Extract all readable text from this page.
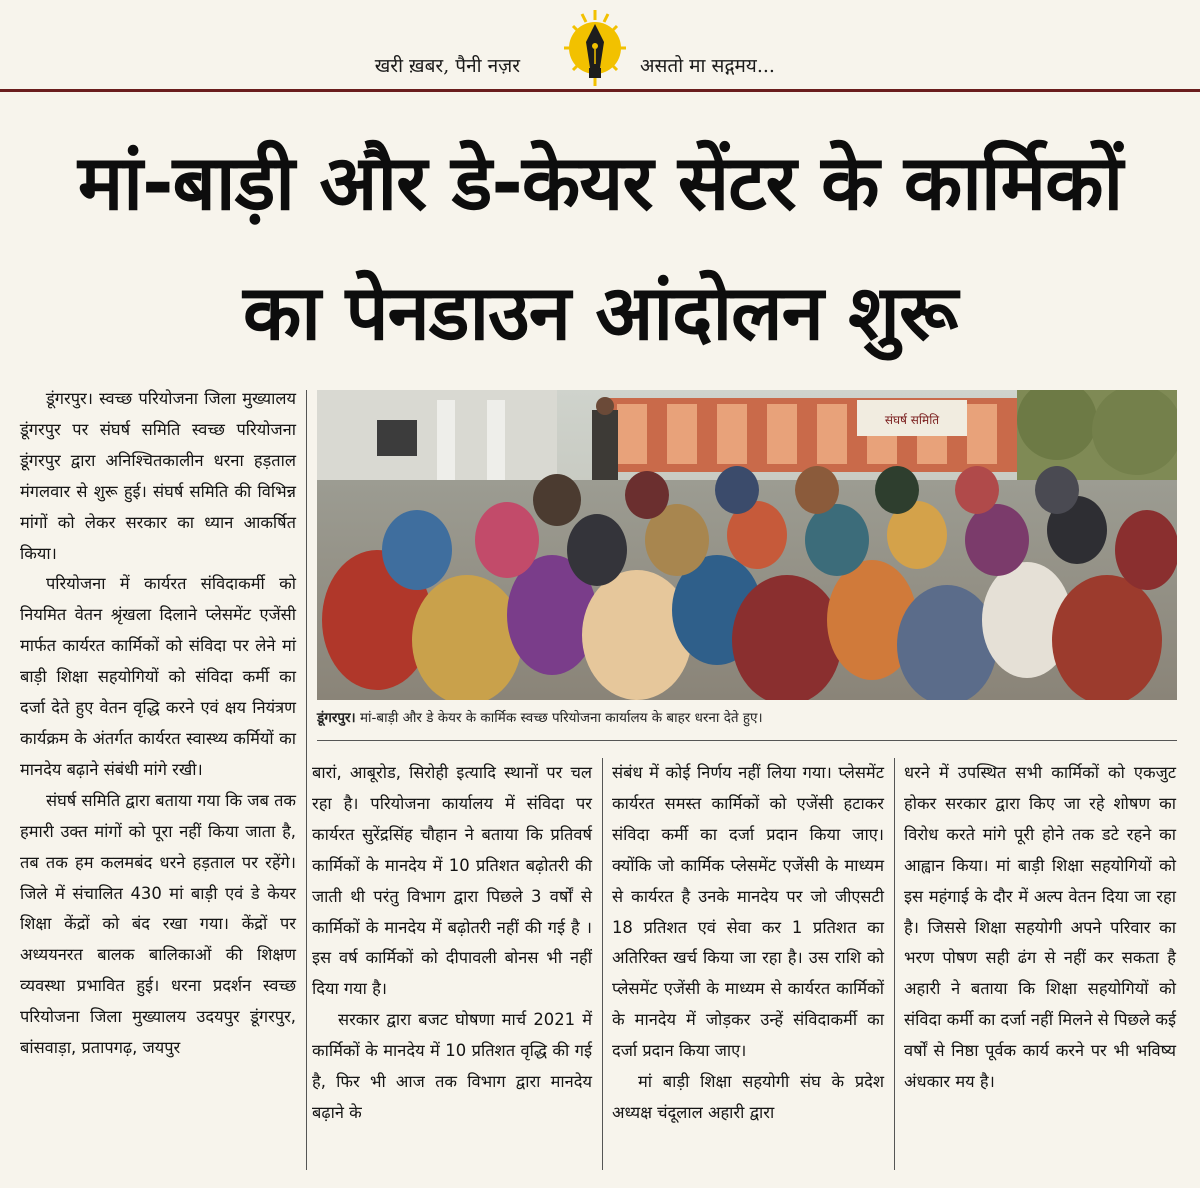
खरी ख़बर, पैनी नज़र	असतो मा सद्गमय...
मां-बाड़ी और डे-केयर सेंटर के कार्मिकों
का पेनडाउन आंदोलन शुरू
संघर्ष समिति
डूंगरपुर। मां-बाड़ी और डे केयर के कार्मिक स्वच्छ परियोजना कार्यालय के बाहर धरना देते हुए।

डूंगरपुर। स्वच्छ परियोजना जिला मुख्यालय डूंगरपुर पर संघर्ष समिति स्वच्छ परियोजना डूंगरपुर द्वारा अनिश्चितकालीन धरना हड़ताल मंगलवार से शुरू हुई। संघर्ष समिति की विभिन्न मांगों को लेकर सरकार का ध्यान आकर्षित किया।

परियोजना में कार्यरत संविदाकर्मी को नियमित वेतन श्रृंखला दिलाने प्लेसमेंट एजेंसी मार्फत कार्यरत कार्मिकों को संविदा पर लेने मां बाड़ी शिक्षा सहयोगियों को संविदा कर्मी का दर्जा देते हुए वेतन वृद्धि करने एवं क्षय नियंत्रण कार्यक्रम के अंतर्गत कार्यरत स्वास्थ्य कर्मियों का मानदेय बढ़ाने संबंधी मांगे रखी।

संघर्ष समिति द्वारा बताया गया कि जब तक हमारी उक्त मांगों को पूरा नहीं किया जाता है, तब तक हम कलमबंद धरने हड़ताल पर रहेंगे। जिले में संचालित 430 मां बाड़ी एवं डे केयर शिक्षा केंद्रों को बंद रखा गया। केंद्रों पर अध्ययनरत बालक बालिकाओं की शिक्षण व्यवस्था प्रभावित हुई। धरना प्रदर्शन स्वच्छ परियोजना जिला मुख्यालय उदयपुर डूंगरपुर, बांसवाड़ा, प्रतापगढ़, जयपुर

बारां, आबूरोड, सिरोही इत्यादि स्थानों पर चल रहा है। परियोजना कार्यालय में संविदा पर कार्यरत सुरेंद्रसिंह चौहान ने बताया कि प्रतिवर्ष कार्मिकों के मानदेय में 10 प्रतिशत बढ़ोतरी की जाती थी परंतु विभाग द्वारा पिछले 3 वर्षों से कार्मिकों के मानदेय में बढ़ोतरी नहीं की गई है । इस वर्ष कार्मिकों को दीपावली बोनस भी नहीं दिया गया है।

सरकार द्वारा बजट घोषणा मार्च 2021 में कार्मिकों के मानदेय में 10 प्रतिशत वृद्धि की गई है, फिर भी आज तक विभाग द्वारा मानदेय बढ़ाने के

संबंध में कोई निर्णय नहीं लिया गया। प्लेसमेंट कार्यरत समस्त कार्मिकों को एजेंसी हटाकर संविदा कर्मी का दर्जा प्रदान किया जाए। क्योंकि जो कार्मिक प्लेसमेंट एजेंसी के माध्यम से कार्यरत है उनके मानदेय पर जो जीएसटी 18 प्रतिशत एवं सेवा कर 1 प्रतिशत का अतिरिक्त खर्च किया जा रहा है। उस राशि को प्लेसमेंट एजेंसी के माध्यम से कार्यरत कार्मिकों के मानदेय में जोड़कर उन्हें संविदाकर्मी का दर्जा प्रदान किया जाए।

मां बाड़ी शिक्षा सहयोगी संघ के प्रदेश अध्यक्ष चंदूलाल अहारी द्वारा

धरने में उपस्थित सभी कार्मिकों को एकजुट होकर सरकार द्वारा किए जा रहे शोषण का विरोध करते मांगे पूरी होने तक डटे रहने का आह्वान किया। मां बाड़ी शिक्षा सहयोगियों को इस महंगाई के दौर में अल्प वेतन दिया जा रहा है। जिससे शिक्षा सहयोगी अपने परिवार का भरण पोषण सही ढंग से नहीं कर सकता है अहारी ने बताया कि शिक्षा सहयोगियों को संविदा कर्मी का दर्जा नहीं मिलने से पिछले कई वर्षों से निष्ठा पूर्वक कार्य करने पर भी भविष्य अंधकार मय है।
